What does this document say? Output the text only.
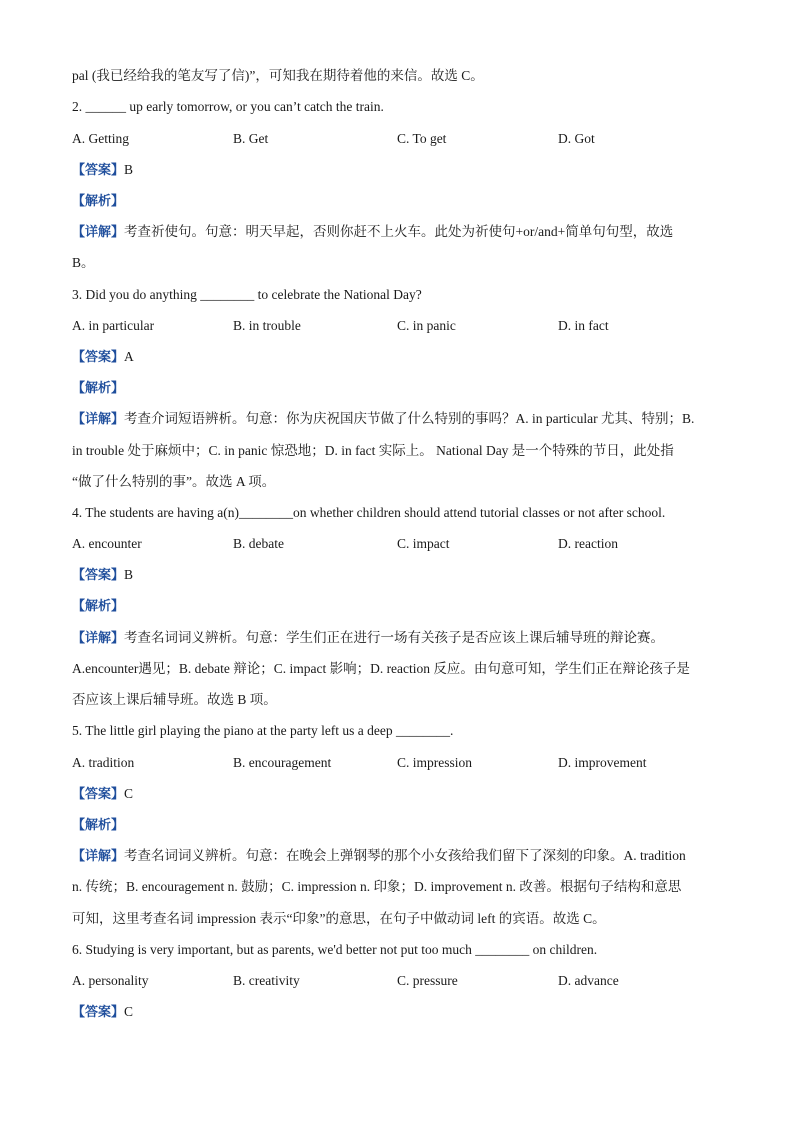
pal (我已经给我的笔友写了信)”，可知我在期待着他的来信。故选 C。
2. ______ up early tomorrow, or you can’t catch the train.
A. Getting	B. Get	C. To get	D. Got
【答案】B
【解析】
【详解】考查祈使句。句意：明天早起，否则你赶不上火车。此处为祈使句+or/and+简单句句型，故选
B。
3. Did you do anything ________ to celebrate the National Day?
A. in particular	B. in trouble	C. in panic	D. in fact
【答案】A
【解析】
【详解】考查介词短语辨析。句意：你为庆祝国庆节做了什么特别的事吗？A. in particular 尤其、特别；B.
in trouble 处于麻烦中；C. in panic 惊恐地；D. in fact 实际上。 National Day 是一个特殊的节日，此处指
“做了什么特别的事”。故选 A 项。
4. The students are having a(n)________on whether children should attend tutorial classes or not after school.
A. encounter	B. debate	C. impact	D. reaction
【答案】B
【解析】
【详解】考查名词词义辨析。句意：学生们正在进行一场有关孩子是否应该上课后辅导班的辩论赛。
A.encounter遇见；B. debate 辩论；C. impact 影响；D. reaction 反应。由句意可知，学生们正在辩论孩子是
否应该上课后辅导班。故选 B 项。
5. The little girl playing the piano at the party left us a deep ________.
A. tradition	B. encouragement	C. impression	D. improvement
【答案】C
【解析】
【详解】考查名词词义辨析。句意：在晚会上弹钢琴的那个小女孩给我们留下了深刻的印象。A. tradition
n. 传统；B. encouragement n. 鼓励；C. impression n. 印象；D. improvement n. 改善。根据句子结构和意思
可知，这里考查名词 impression 表示“印象”的意思，在句子中做动词 left 的宾语。故选 C。
6. Studying is very important, but as parents, we'd better not put too much ________ on children.
A. personality	B. creativity	C. pressure	D. advance
【答案】C
